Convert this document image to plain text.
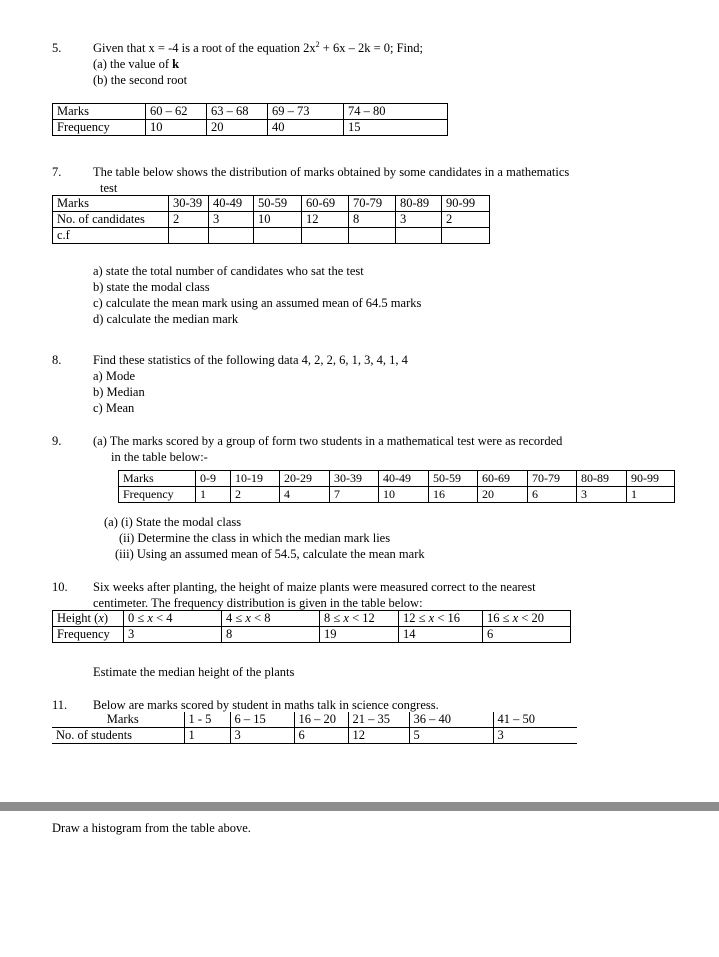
5.	Given that x = -4 is a root of the equation $2x^2 + 6x - 2k = 0$; Find;
(a) the value of k
(b) the second root
Marks	60 – 62	63 – 68	69 – 73	74 – 80
Frequency	10	20	40	15
7.	The table below shows the distribution of marks obtained by some candidates in a mathematics
test
Marks	30-39	40-49	50-59	60-69	70-79	80-89	90-99
No. of candidates	2	3	10	12	8	3	2
c.f							
a) state the total number of candidates who sat the test
b) state the modal class
c) calculate the mean mark using an assumed mean of 64.5 marks
d) calculate the median mark
8.	Find these statistics of the following data 4, 2, 2, 6, 1, 3, 4, 1, 4
a) Mode
b) Median
c) Mean
9.	(a) The marks scored by a group of form two students in a mathematical test were as recorded
in the table below:-
Marks	0-9	10-19	20-29	30-39	40-49	50-59	60-69	70-79	80-89	90-99
Frequency	1	2	4	7	10	16	20	6	3	1
(a) (i) State the modal class
(ii) Determine the class in which the median mark lies
(iii) Using an assumed mean of 54.5, calculate the mean mark
10. Six weeks after planting, the height of maize plants were measured correct to the nearest
centimeter. The frequency distribution is given in the table below:
Height (x)	0 ≤ x < 4	4 ≤ x < 8	8 ≤ x < 12	12 ≤ x < 16	16 ≤ x < 20
Frequency	3	8	19	14	6
Estimate the median height of the plants
11. Below are marks scored by student in maths talk in science congress.
Marks	1 - 5	6 – 15	16 – 20	21 – 35	36 – 40	41 – 50
No. of students	1	3	6	12	5	3
Draw a histogram from the table above.
